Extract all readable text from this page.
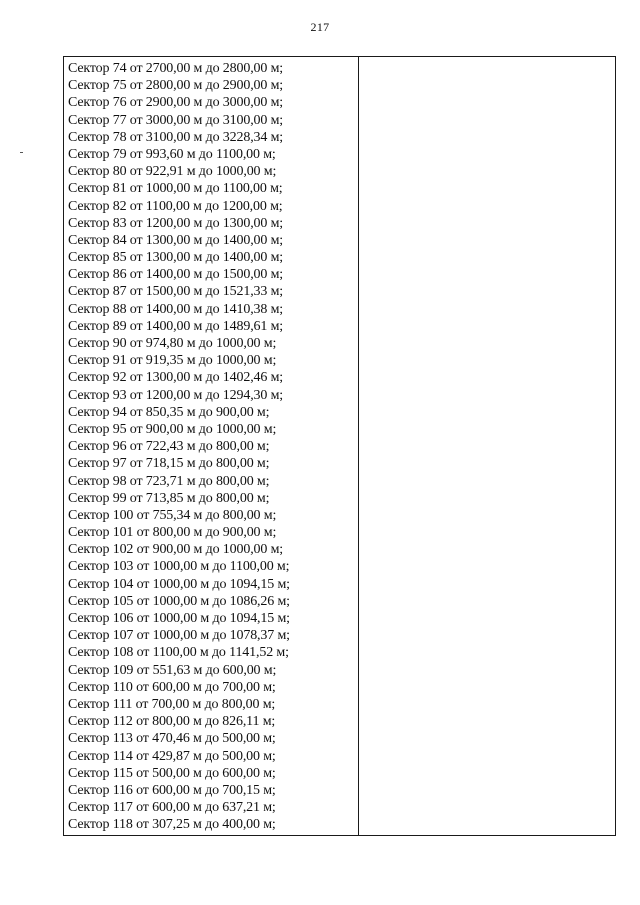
217
Сектор 74 от 2700,00 м до 2800,00 м;
Сектор 75 от 2800,00 м до 2900,00 м;
Сектор 76 от 2900,00 м до 3000,00 м;
Сектор 77 от 3000,00 м до 3100,00 м;
Сектор 78 от 3100,00 м до 3228,34 м;
Сектор 79 от 993,60 м до 1100,00 м;
Сектор 80 от 922,91 м до 1000,00 м;
Сектор 81 от 1000,00 м до 1100,00 м;
Сектор 82 от 1100,00 м до 1200,00 м;
Сектор 83 от 1200,00 м до 1300,00 м;
Сектор 84 от 1300,00 м до 1400,00 м;
Сектор 85 от 1300,00 м до 1400,00 м;
Сектор 86 от 1400,00 м до 1500,00 м;
Сектор 87 от 1500,00 м до 1521,33 м;
Сектор 88 от 1400,00 м до 1410,38 м;
Сектор 89 от 1400,00 м до 1489,61 м;
Сектор 90 от 974,80 м до 1000,00 м;
Сектор 91 от 919,35 м до 1000,00 м;
Сектор 92 от 1300,00 м до 1402,46 м;
Сектор 93 от 1200,00 м до 1294,30 м;
Сектор 94 от 850,35 м до 900,00 м;
Сектор 95 от 900,00 м до 1000,00 м;
Сектор 96 от 722,43 м до 800,00 м;
Сектор 97 от 718,15 м до 800,00 м;
Сектор 98 от 723,71 м до 800,00 м;
Сектор 99 от 713,85 м до 800,00 м;
Сектор 100 от 755,34 м до 800,00 м;
Сектор 101 от 800,00 м до 900,00 м;
Сектор 102 от 900,00 м до 1000,00 м;
Сектор 103 от 1000,00 м до 1100,00 м;
Сектор 104 от 1000,00 м до 1094,15 м;
Сектор 105 от 1000,00 м до 1086,26 м;
Сектор 106 от 1000,00 м до 1094,15 м;
Сектор 107 от 1000,00 м до 1078,37 м;
Сектор 108 от 1100,00 м до 1141,52 м;
Сектор 109 от 551,63 м до 600,00 м;
Сектор 110 от 600,00 м до 700,00 м;
Сектор 111 от 700,00 м до 800,00 м;
Сектор 112 от 800,00 м до 826,11 м;
Сектор 113 от 470,46 м до 500,00 м;
Сектор 114 от 429,87 м до 500,00 м;
Сектор 115 от 500,00 м до 600,00 м;
Сектор 116 от 600,00 м до 700,15 м;
Сектор 117 от 600,00 м до 637,21 м;
Сектор 118 от 307,25 м до 400,00 м;
